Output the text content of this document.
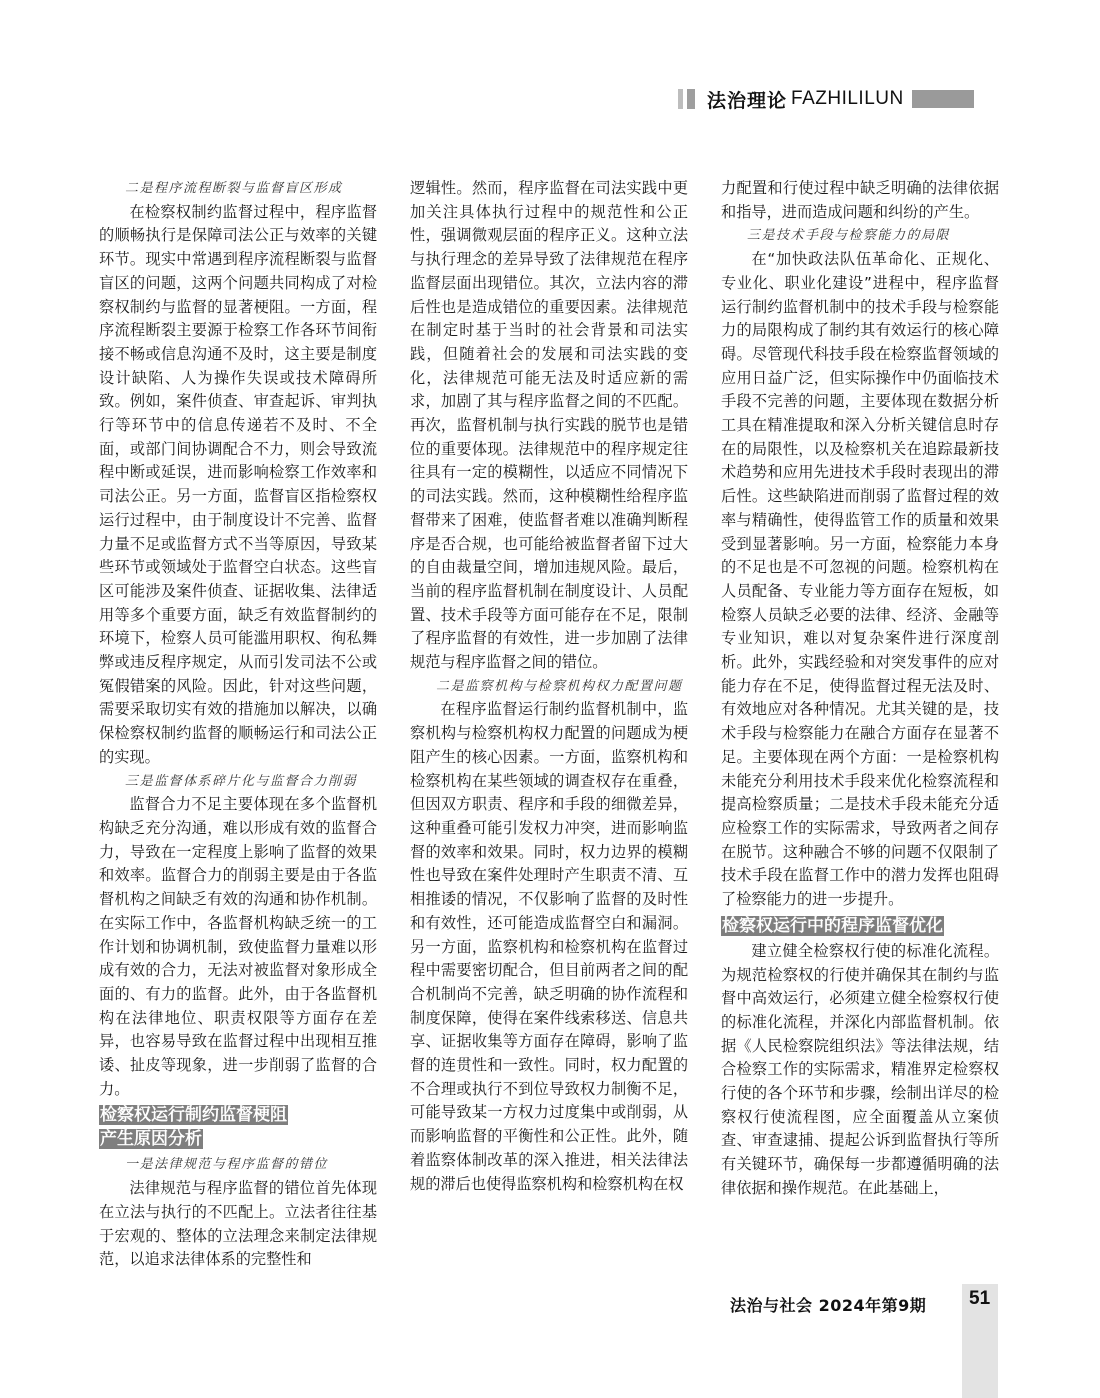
法治理论 FAZHILILUN
二是程序流程断裂与监督盲区形成

在检察权制约监督过程中，程序监督的顺畅执行是保障司法公正与效率的关键环节。现实中常遇到程序流程断裂与监督盲区的问题，这两个问题共同构成了对检察权制约与监督的显著梗阻。一方面，程序流程断裂主要源于检察工作各环节间衔接不畅或信息沟通不及时，这主要是制度设计缺陷、人为操作失误或技术障碍所致。例如，案件侦查、审查起诉、审判执行等环节中的信息传递若不及时、不全面，或部门间协调配合不力，则会导致流程中断或延误，进而影响检察工作效率和司法公正。另一方面，监督盲区指检察权运行过程中，由于制度设计不完善、监督力量不足或监督方式不当等原因，导致某些环节或领域处于监督空白状态。这些盲区可能涉及案件侦查、证据收集、法律适用等多个重要方面，缺乏有效监督制约的环境下，检察人员可能滥用职权、徇私舞弊或违反程序规定，从而引发司法不公或冤假错案的风险。因此，针对这些问题，需要采取切实有效的措施加以解决，以确保检察权制约监督的顺畅运行和司法公正的实现。

三是监督体系碎片化与监督合力削弱

监督合力不足主要体现在多个监督机构缺乏充分沟通，难以形成有效的监督合力，导致在一定程度上影响了监督的效果和效率。监督合力的削弱主要是由于各监督机构之间缺乏有效的沟通和协作机制。在实际工作中，各监督机构缺乏统一的工作计划和协调机制，致使监督力量难以形成有效的合力，无法对被监督对象形成全面的、有力的监督。此外，由于各监督机构在法律地位、职责权限等方面存在差异，也容易导致在监督过程中出现相互推诿、扯皮等现象，进一步削弱了监督的合力。

检察权运行制约监督梗阻
产生原因分析
一是法律规范与程序监督的错位

法律规范与程序监督的错位首先体现在立法与执行的不匹配上。立法者往往基于宏观的、整体的立法理念来制定法律规范，以追求法律体系的完整性和

逻辑性。然而，程序监督在司法实践中更加关注具体执行过程中的规范性和公正性，强调微观层面的程序正义。这种立法与执行理念的差异导致了法律规范在程序监督层面出现错位。其次，立法内容的滞后性也是造成错位的重要因素。法律规范在制定时基于当时的社会背景和司法实践，但随着社会的发展和司法实践的变化，法律规范可能无法及时适应新的需求，加剧了其与程序监督之间的不匹配。再次，监督机制与执行实践的脱节也是错位的重要体现。法律规范中的程序规定往往具有一定的模糊性，以适应不同情况下的司法实践。然而，这种模糊性给程序监督带来了困难，使监督者难以准确判断程序是否合规，也可能给被监督者留下过大的自由裁量空间，增加违规风险。最后，当前的程序监督机制在制度设计、人员配置、技术手段等方面可能存在不足，限制了程序监督的有效性，进一步加剧了法律规范与程序监督之间的错位。

二是监察机构与检察机构权力配置问题

在程序监督运行制约监督机制中，监察机构与检察机构权力配置的问题成为梗阻产生的核心因素。一方面，监察机构和检察机构在某些领域的调查权存在重叠，但因双方职责、程序和手段的细微差异，这种重叠可能引发权力冲突，进而影响监督的效率和效果。同时，权力边界的模糊性也导致在案件处理时产生职责不清、互相推诿的情况，不仅影响了监督的及时性和有效性，还可能造成监督空白和漏洞。另一方面，监察机构和检察机构在监督过程中需要密切配合，但目前两者之间的配合机制尚不完善，缺乏明确的协作流程和制度保障，使得在案件线索移送、信息共享、证据收集等方面存在障碍，影响了监督的连贯性和一致性。同时，权力配置的不合理或执行不到位导致权力制衡不足，可能导致某一方权力过度集中或削弱，从而影响监督的平衡性和公正性。此外，随着监察体制改革的深入推进，相关法律法规的滞后也使得监察机构和检察机构在权

力配置和行使过程中缺乏明确的法律依据和指导，进而造成问题和纠纷的产生。

三是技术手段与检察能力的局限

在“加快政法队伍革命化、正规化、专业化、职业化建设”进程中，程序监督运行制约监督机制中的技术手段与检察能力的局限构成了制约其有效运行的核心障碍。尽管现代科技手段在检察监督领域的应用日益广泛，但实际操作中仍面临技术手段不完善的问题，主要体现在数据分析工具在精准提取和深入分析关键信息时存在的局限性，以及检察机关在追踪最新技术趋势和应用先进技术手段时表现出的滞后性。这些缺陷进而削弱了监督过程的效率与精确性，使得监管工作的质量和效果受到显著影响。另一方面，检察能力本身的不足也是不可忽视的问题。检察机构在人员配备、专业能力等方面存在短板，如检察人员缺乏必要的法律、经济、金融等专业知识，难以对复杂案件进行深度剖析。此外，实践经验和对突发事件的应对能力存在不足，使得监督过程无法及时、有效地应对各种情况。尤其关键的是，技术手段与检察能力在融合方面存在显著不足。主要体现在两个方面：一是检察机构未能充分利用技术手段来优化检察流程和提高检察质量；二是技术手段未能充分适应检察工作的实际需求，导致两者之间存在脱节。这种融合不够的问题不仅限制了技术手段在监督工作中的潜力发挥也阻碍了检察能力的进一步提升。

检察权运行中的程序监督优化

建立健全检察权行使的标准化流程。为规范检察权的行使并确保其在制约与监督中高效运行，必须建立健全检察权行使的标准化流程，并深化内部监督机制。依据《人民检察院组织法》等法律法规，结合检察工作的实际需求，精准界定检察权行使的各个环节和步骤，绘制出详尽的检察权行使流程图，应全面覆盖从立案侦查、审查逮捕、提起公诉到监督执行等所有关键环节，确保每一步都遵循明确的法律依据和操作规范。在此基础上，

法治与社会 2024年第9期 51
